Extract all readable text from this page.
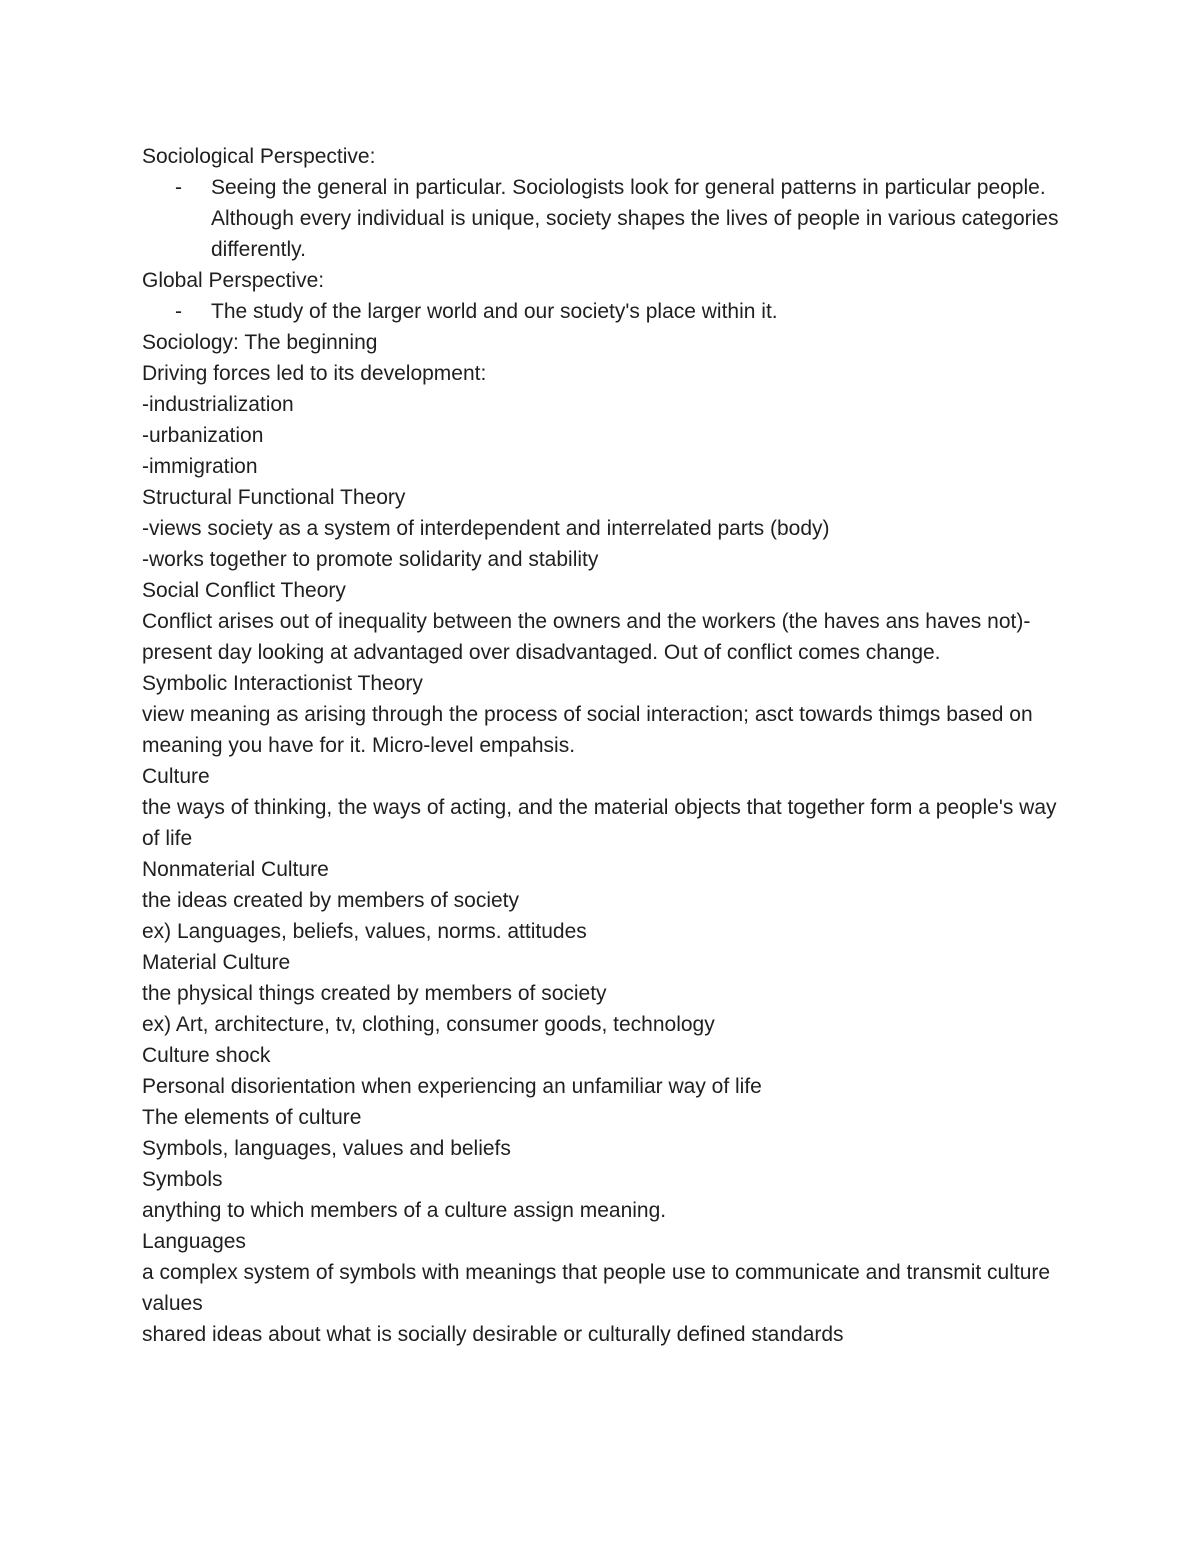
Sociological Perspective:

- Seeing the general in particular. Sociologists look for general patterns in particular people. Although every individual is unique, society shapes the lives of people in various categories differently.

Global Perspective:

- The study of the larger world and our society's place within it.

Sociology: The beginning

Driving forces led to its development:

-industrialization

-urbanization

-immigration

Structural Functional Theory

-views society as a system of interdependent and interrelated parts (body)

-works together to promote solidarity and stability

Social Conflict Theory

Conflict arises out of inequality between the owners and the workers (the haves ans haves not)- present day looking at advantaged over disadvantaged. Out of conflict comes change.

Symbolic Interactionist Theory

view meaning as arising through the process of social interaction; asct towards thimgs based on meaning you have for it. Micro-level empahsis.

Culture

the ways of thinking, the ways of acting, and the material objects that together form a people's way of life

Nonmaterial Culture

the ideas created by members of society

ex) Languages, beliefs, values, norms. attitudes

Material Culture

the physical things created by members of society

ex) Art, architecture, tv, clothing, consumer goods, technology

Culture shock

Personal disorientation when experiencing an unfamiliar way of life

The elements of culture

Symbols, languages, values and beliefs

Symbols

anything to which members of a culture assign meaning.

Languages

a complex system of symbols with meanings that people use to communicate and transmit culture

values

shared ideas about what is socially desirable or culturally defined standards
